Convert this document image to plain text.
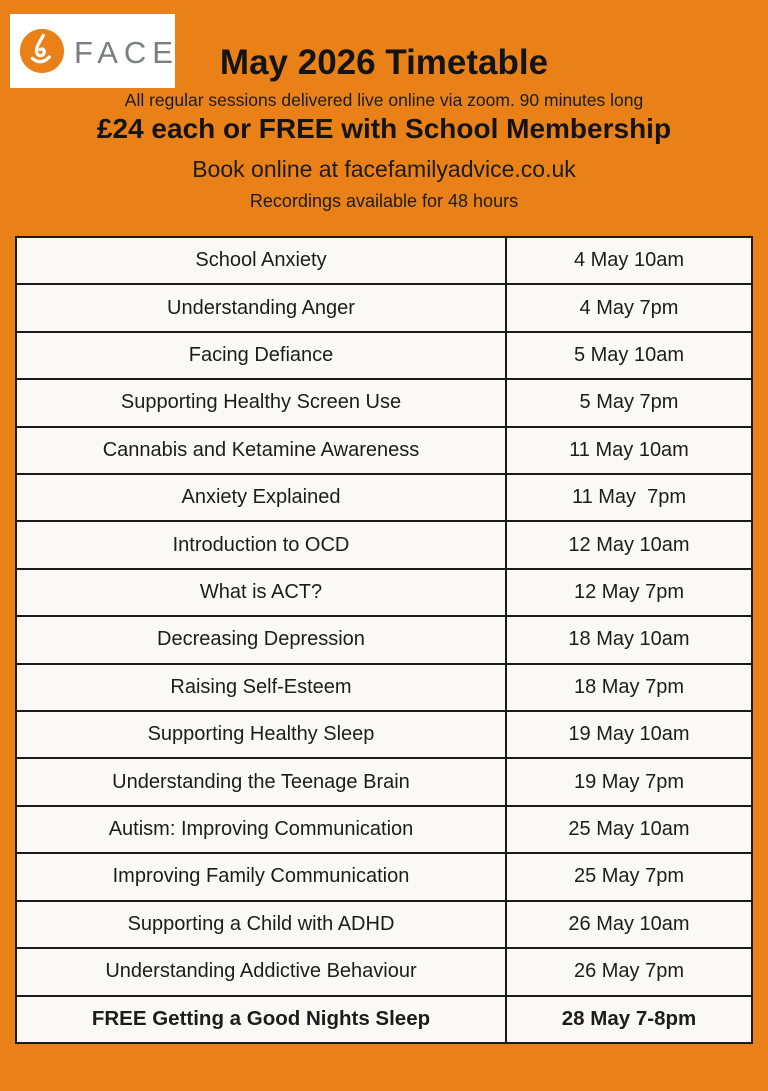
FACE	May 2026 Timetable
All regular sessions delivered live online via zoom. 90 minutes long
£24 each or FREE with School Membership
Book online at facefamilyadvice.co.uk
Recordings available for 48 hours
School Anxiety	4 May 10am
Understanding Anger	4 May 7pm
Facing Defiance	5 May 10am
Supporting Healthy Screen Use	5 May 7pm
Cannabis and Ketamine Awareness	11 May 10am
Anxiety Explained	11 May  7pm
Introduction to OCD	12 May 10am
What is ACT?	12 May 7pm
Decreasing Depression	18 May 10am
Raising Self-Esteem	18 May 7pm
Supporting Healthy Sleep	19 May 10am
Understanding the Teenage Brain	19 May 7pm
Autism: Improving Communication	25 May 10am
Improving Family Communication	25 May 7pm
Supporting a Child with ADHD	26 May 10am
Understanding Addictive Behaviour	26 May 7pm
FREE Getting a Good Nights Sleep	28 May 7-8pm
